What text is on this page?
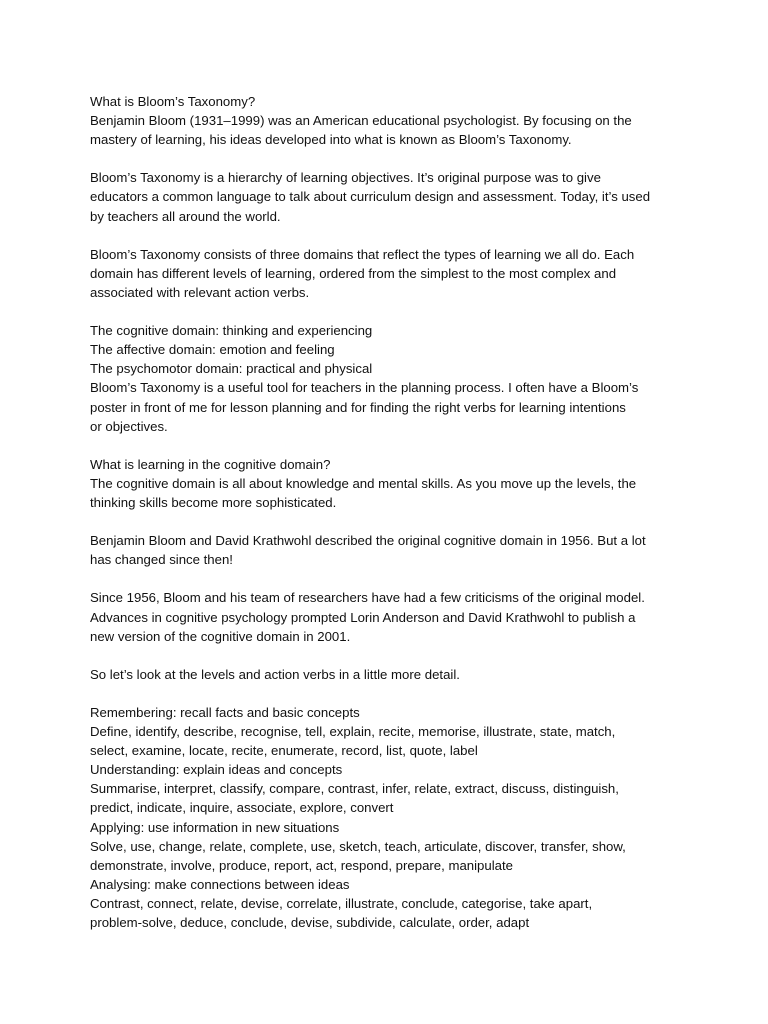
What is Bloom’s Taxonomy?
Benjamin Bloom (1931–1999) was an American educational psychologist. By focusing on the
mastery of learning, his ideas developed into what is known as Bloom’s Taxonomy.
Bloom’s Taxonomy is a hierarchy of learning objectives. It’s original purpose was to give
educators a common language to talk about curriculum design and assessment. Today, it’s used
by teachers all around the world.
Bloom’s Taxonomy consists of three domains that reflect the types of learning we all do. Each
domain has different levels of learning, ordered from the simplest to the most complex and
associated with relevant action verbs.
The cognitive domain: thinking and experiencing
The affective domain: emotion and feeling
The psychomotor domain: practical and physical
Bloom’s Taxonomy is a useful tool for teachers in the planning process. I often have a Bloom’s
poster in front of me for lesson planning and for finding the right verbs for learning intentions
or objectives.
What is learning in the cognitive domain?
The cognitive domain is all about knowledge and mental skills. As you move up the levels, the
thinking skills become more sophisticated.
Benjamin Bloom and David Krathwohl described the original cognitive domain in 1956. But a lot
has changed since then!
Since 1956, Bloom and his team of researchers have had a few criticisms of the original model.
Advances in cognitive psychology prompted Lorin Anderson and David Krathwohl to publish a
new version of the cognitive domain in 2001.
So let’s look at the levels and action verbs in a little more detail.
Remembering: recall facts and basic concepts
Define, identify, describe, recognise, tell, explain, recite, memorise, illustrate, state, match,
select, examine, locate, recite, enumerate, record, list, quote, label
Understanding: explain ideas and concepts
Summarise, interpret, classify, compare, contrast, infer, relate, extract, discuss, distinguish,
predict, indicate, inquire, associate, explore, convert
Applying: use information in new situations
Solve, use, change, relate, complete, use, sketch, teach, articulate, discover, transfer, show,
demonstrate, involve, produce, report, act, respond, prepare, manipulate
Analysing: make connections between ideas
Contrast, connect, relate, devise, correlate, illustrate, conclude, categorise, take apart,
problem-solve, deduce, conclude, devise, subdivide, calculate, order, adapt
